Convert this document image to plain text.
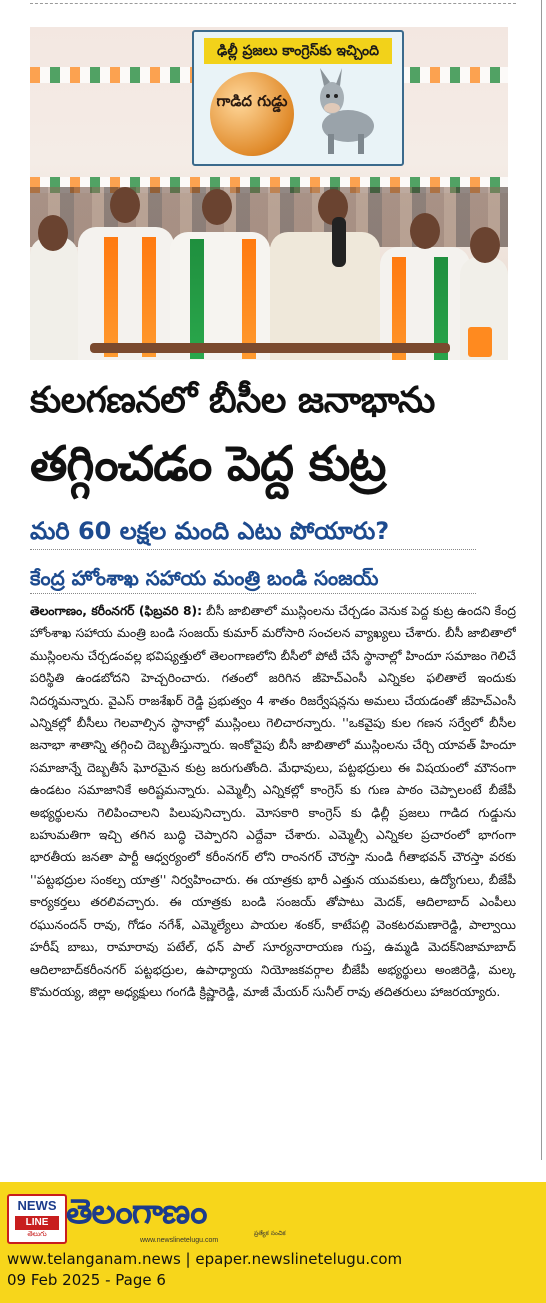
ఢిల్లీ ప్రజలు కాంగ్రెస్‌కు ఇచ్చింది
గాడిద గుడ్డు
కులగణనలో బీసీల జనాభాను
తగ్గించడం పెద్ద కుట్ర
మరి 60 లక్షల మంది ఎటు పోయారు?
కేంద్ర హోంశాఖ సహాయ మంత్రి బండి సంజయ్
తెలంగాణం, కరీంనగర్ (ఫిబ్రవరి 8): బీసీ జాబితాలో ముస్లింలను చేర్చడం వెనుక పెద్ద కుట్ర ఉందని కేంద్ర హోంశాఖ సహాయ మంత్రి బండి సంజయ్ కుమార్ మరోసారి సంచలన వ్యాఖ్యలు చేశారు. బీసీ జాబితాలో ముస్లింలను చేర్చడంవల్ల భవిష్యత్తులో తెలంగాణలోని బీసీలో పోటీ చేసే స్థానాల్లో హిందూ సమాజం గెలిచే పరిస్థితి ఉండబోదని హెచ్చరించారు. గతంలో జరిగిన జీహెచ్ఎంసీ ఎన్నికల ఫలితాలే ఇందుకు నిదర్శమన్నారు. వైఎస్ రాజశేఖర్ రెడ్డి ప్రభుత్వం 4 శాతం రిజర్వేషన్లను అమలు చేయడంతో జీహెచ్ఎంసీ ఎన్నికల్లో బీసీలు గెలవాల్సిన స్థానాల్లో ముస్లింలు గెలిచారన్నారు. ''ఒకవైపు కుల గణన సర్వేలో బీసీల జనాభా శాతాన్ని తగ్గించి దెబ్బతీస్తున్నారు. ఇంకోవైపు బీసీ జాబితాలో ముస్లింలను చేర్చి యావత్ హిందూ సమాజాన్నే దెబ్బతీసే ఘోరమైన కుట్ర జరుగుతోంది. మేధావులు, పట్టభద్రులు ఈ విషయంలో మౌనంగా ఉండటం సమాజానికే అరిష్టమన్నారు. ఎమ్మెల్సీ ఎన్నికల్లో కాంగ్రెస్ కు గుణ పాఠం చెప్పాలంటే బీజేపీ అభ్యర్థులను గెలిపించాలని పిలుపునిచ్చారు. మోసకారి కాంగ్రెస్ కు ఢిల్లీ ప్రజలు గాడిద గుడ్డును బహుమతిగా ఇచ్చి తగిన బుద్ధి చెప్పారని ఎద్దేవా చేశారు. ఎమ్మెల్సీ ఎన్నికల ప్రచారంలో భాగంగా భారతీయ జనతా పార్టీ ఆధ్వర్యంలో కరీంనగర్ లోని రాంనగర్ చౌరస్తా నుండి గీతాభవన్ చౌరస్తా వరకు ''పట్టభద్రుల సంకల్ప యాత్ర'' నిర్వహించారు. ఈ యాత్రకు భారీ ఎత్తున యువకులు, ఉద్యోగులు, బీజేపీ కార్యకర్తలు తరలివచ్చారు. ఈ యాత్రకు బండి సంజయ్ తోపాటు మెదక్, ఆదిలాబాద్ ఎంపీలు రఘునందన్ రావు, గోడం నగేశ్, ఎమ్మెల్యేలు పాయల శంకర్, కాటేపల్లి వెంకటరమణారెడ్డి, పాల్వాయి హరీష్ బాబు, రామారావు పటేల్, ధన్ పాల్ సూర్యనారాయణ గుప్త, ఉమ్మడి మెదక్‌నిజామాబాద్ ఆదిలాబాద్‌కరీంనగర్ పట్టభద్రుల, ఉపాధ్యాయ నియోజకవర్గాల బీజేపీ అభ్యర్థులు అంజిరెడ్డి, మల్క కొమరయ్య, జిల్లా అధ్యక్షులు గంగడి క్రిష్ణారెడ్డి, మాజీ మేయర్ సునీల్ రావు తదితరులు హాజరయ్యారు.
NEWS
LINE
తెలుగు
తెలంగాణం
www.newslinetelugu.com
ప్రత్యేక సంచిక
www.telanganam.news | epaper.newslinetelugu.com
09 Feb 2025 - Page 6
